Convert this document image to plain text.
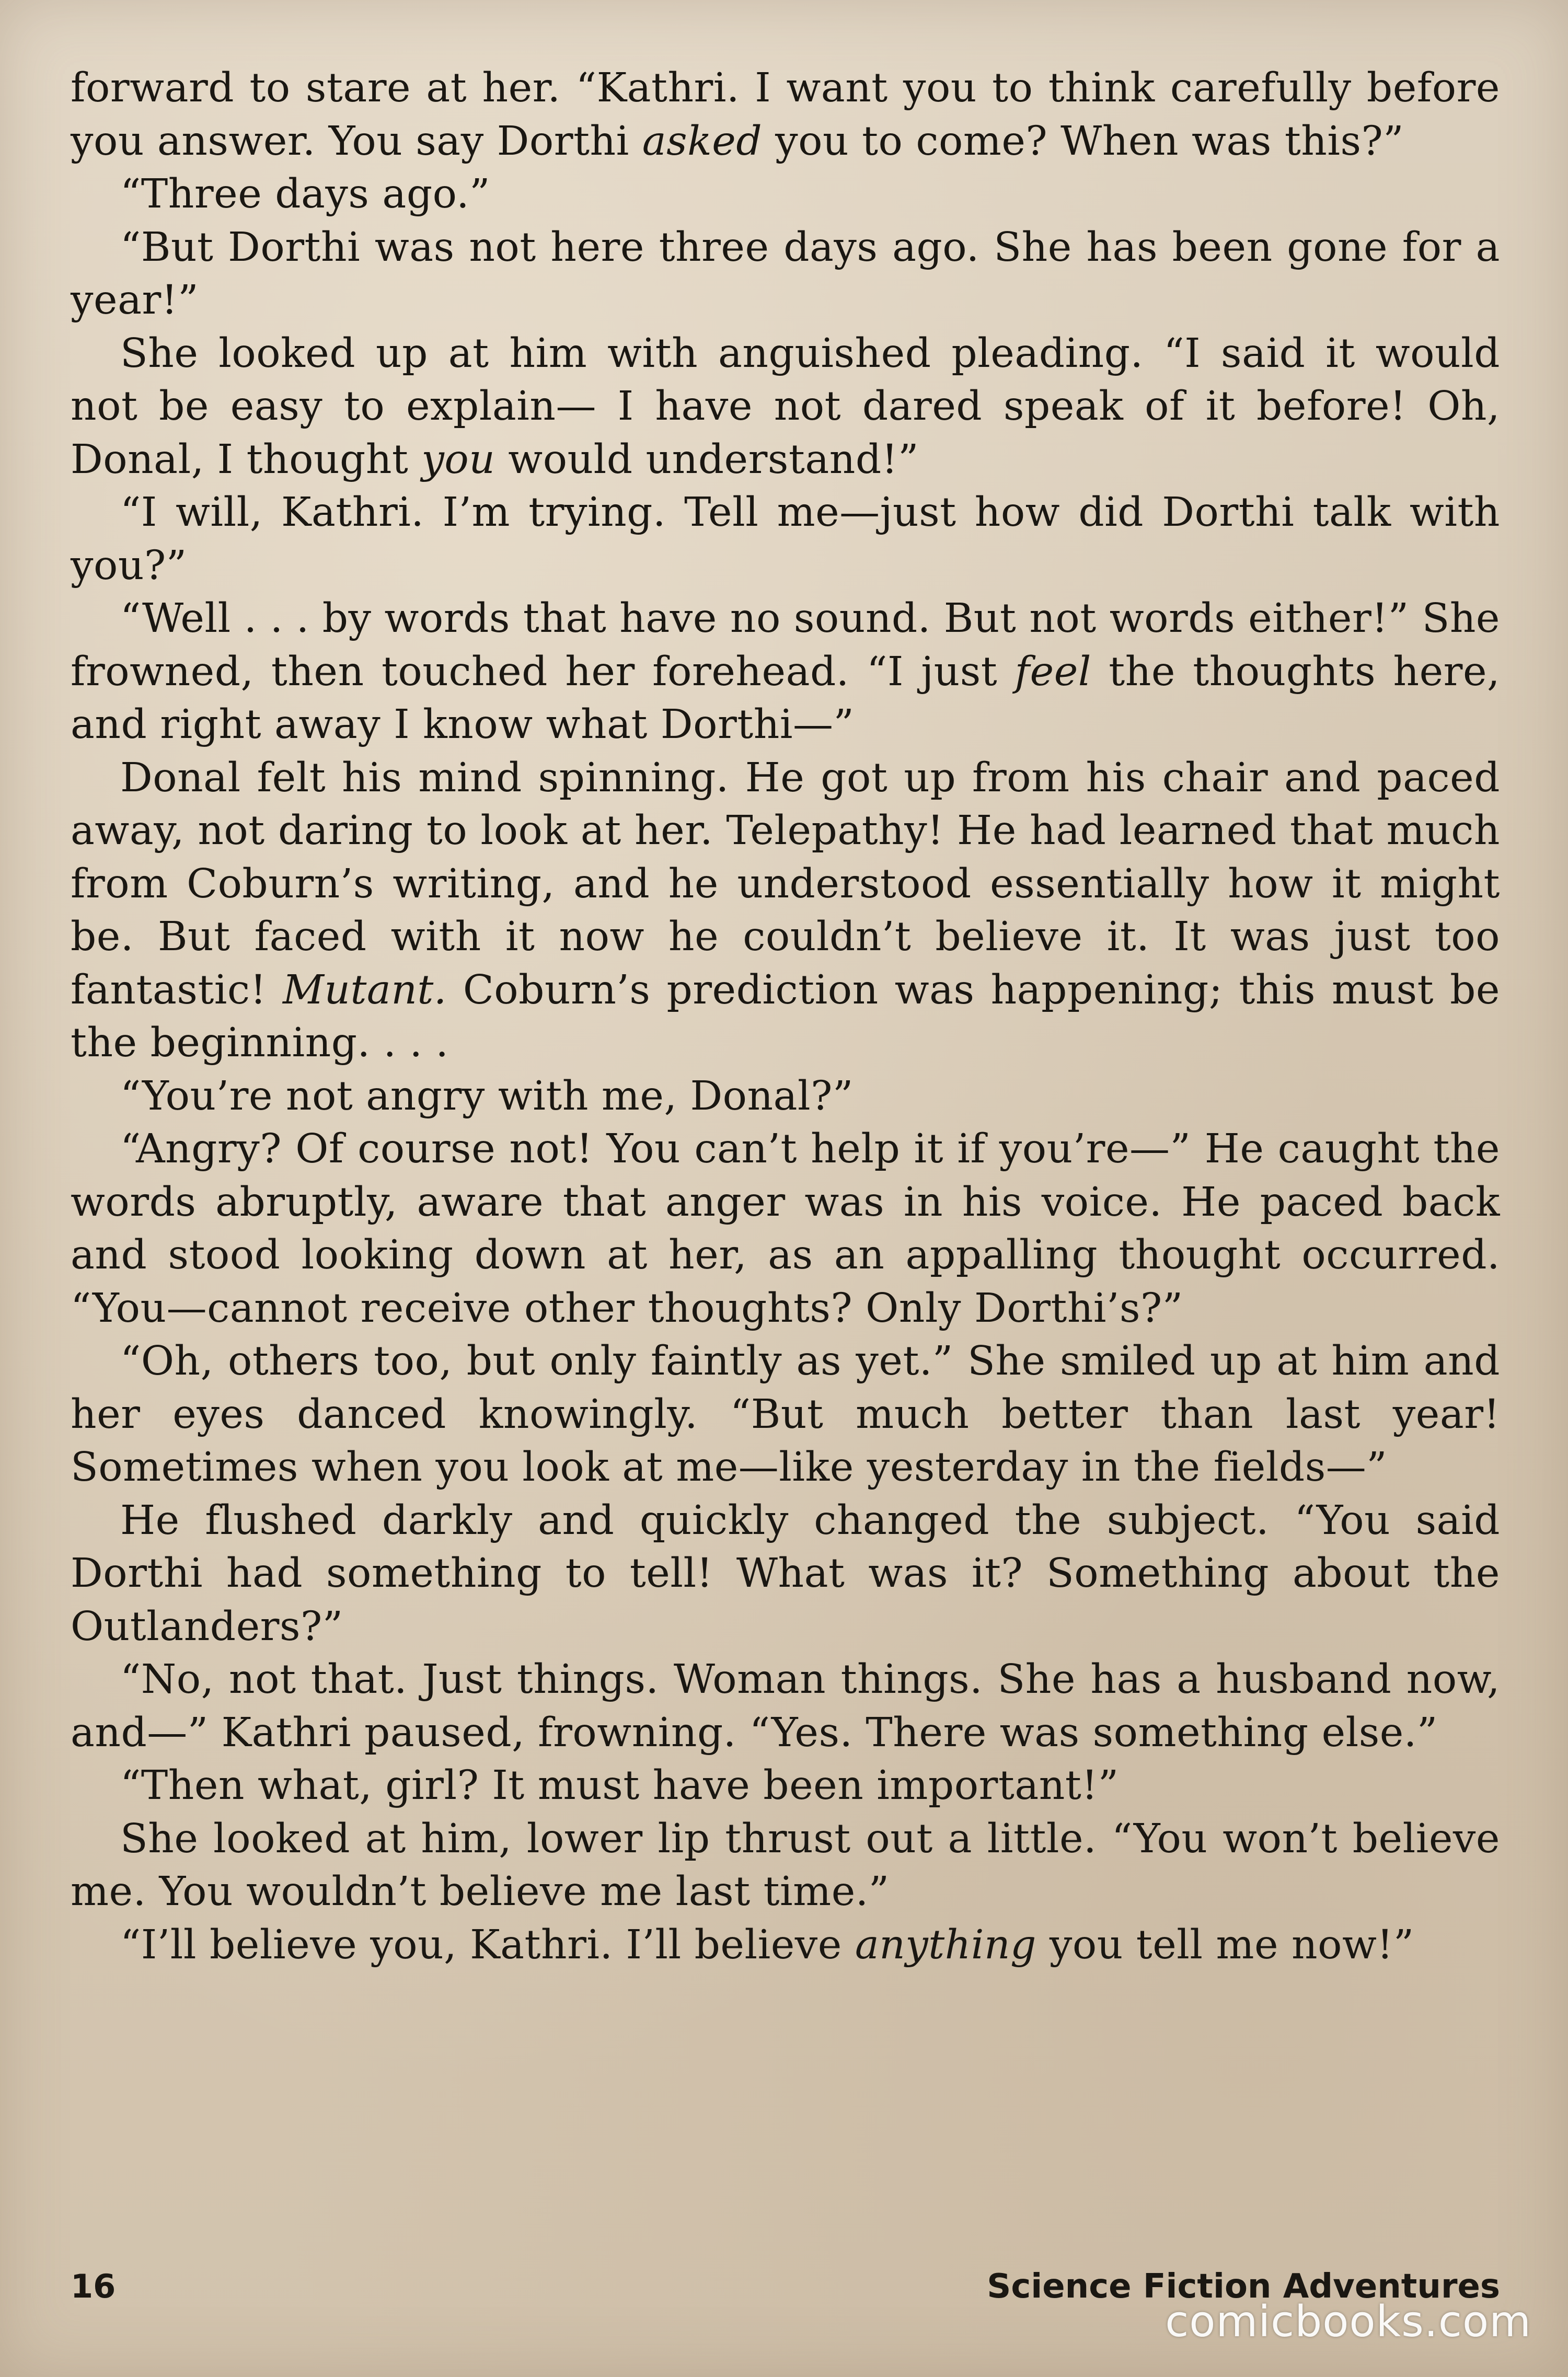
forward to stare at her. “Kathri. I want you to think carefully before you answer. You say Dorthi asked you to come? When was this?”

“Three days ago.”

“But Dorthi was not here three days ago. She has been gone for a year!”

She looked up at him with anguished pleading. “I said it would not be easy to explain— I have not dared speak of it before! Oh, Donal, I thought you would understand!”

“I will, Kathri. I’m trying. Tell me—just how did Dorthi talk with you?”

“Well . . . by words that have no sound. But not words either!” She frowned, then touched her forehead. “I just feel the thoughts here, and right away I know what Dorthi—”

Donal felt his mind spinning. He got up from his chair and paced away, not daring to look at her. Telepathy! He had learned that much from Coburn’s writing, and he understood essentially how it might be. But faced with it now he couldn’t believe it. It was just too fantastic! Mutant. Coburn’s prediction was happening; this must be the beginning. . . .

“You’re not angry with me, Donal?”

“Angry? Of course not! You can’t help it if you’re—” He caught the words abruptly, aware that anger was in his voice. He paced back and stood looking down at her, as an appalling thought occurred. “You—cannot receive other thoughts? Only Dorthi’s?”

“Oh, others too, but only faintly as yet.” She smiled up at him and her eyes danced knowingly. “But much better than last year! Sometimes when you look at me—like yesterday in the fields—”

He flushed darkly and quickly changed the subject. “You said Dorthi had something to tell! What was it? Something about the Outlanders?”

“No, not that. Just things. Woman things. She has a husband now, and—” Kathri paused, frowning. “Yes. There was something else.”

“Then what, girl? It must have been important!”

She looked at him, lower lip thrust out a little. “You won’t believe me. You wouldn’t believe me last time.”

“I’ll believe you, Kathri. I’ll believe anything you tell me now!”

16	Science Fiction Adventures
comicbooks.com
